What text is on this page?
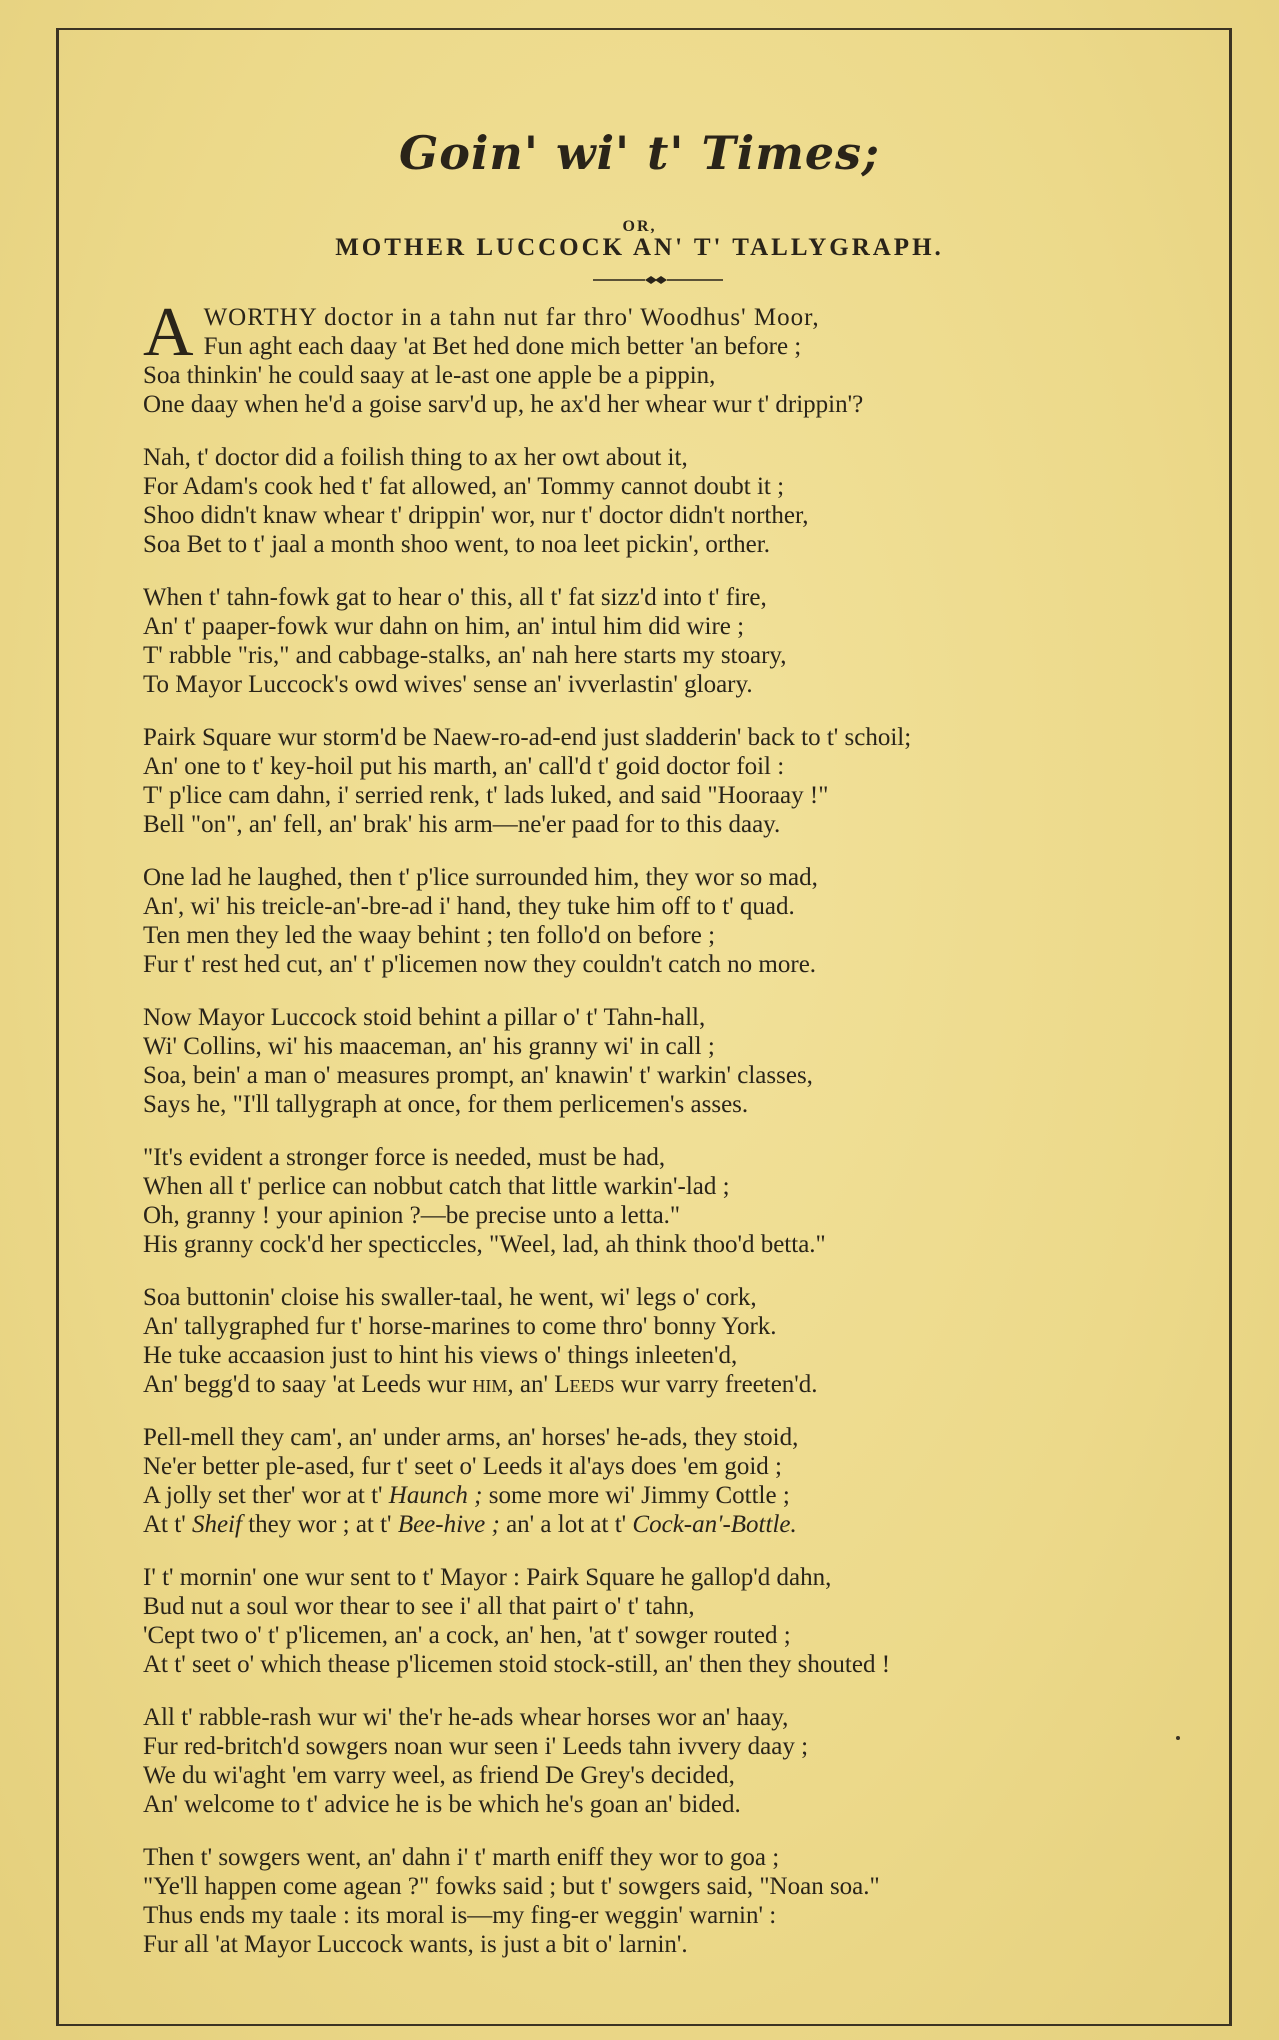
Goin' wi' t' Times;
OR,
MOTHER LUCCOCK AN' T' TALLYGRAPH.
A WORTHY doctor in a tahn nut far thro' Woodhus' Moor,
Fun aght each daay 'at Bet hed done mich better 'an before ;
Soa thinkin' he could saay at le-ast one apple be a pippin,
One daay when he'd a goise sarv'd up, he ax'd her whear wur t' drippin'?
Nah, t' doctor did a foilish thing to ax her owt about it,
For Adam's cook hed t' fat allowed, an' Tommy cannot doubt it ;
Shoo didn't knaw whear t' drippin' wor, nur t' doctor didn't norther,
Soa Bet to t' jaal a month shoo went, to noa leet pickin', orther.
When t' tahn-fowk gat to hear o' this, all t' fat sizz'd into t' fire,
An' t' paaper-fowk wur dahn on him, an' intul him did wire ;
T' rabble "ris," and cabbage-stalks, an' nah here starts my stoary,
To Mayor Luccock's owd wives' sense an' ivverlastin' gloary.
Pairk Square wur storm'd be Naew-ro-ad-end just sladderin' back to t' schoil;
An' one to t' key-hoil put his marth, an' call'd t' goid doctor foil :
T' p'lice cam dahn, i' serried renk, t' lads luked, and said "Hooraay !"
Bell "on", an' fell, an' brak' his arm—ne'er paad for to this daay.
One lad he laughed, then t' p'lice surrounded him, they wor so mad,
An', wi' his treicle-an'-bre-ad i' hand, they tuke him off to t' quad.
Ten men they led the waay behint ; ten follo'd on before ;
Fur t' rest hed cut, an' t' p'licemen now they couldn't catch no more.
Now Mayor Luccock stoid behint a pillar o' t' Tahn-hall,
Wi' Collins, wi' his maaceman, an' his granny wi' in call ;
Soa, bein' a man o' measures prompt, an' knawin' t' warkin' classes,
Says he, "I'll tallygraph at once, for them perlicemen's asses.
"It's evident a stronger force is needed, must be had,
When all t' perlice can nobbut catch that little warkin'-lad ;
Oh, granny ! your apinion ?—be precise unto a letta."
His granny cock'd her specticcles, "Weel, lad, ah think thoo'd betta."
Soa buttonin' cloise his swaller-taal, he went, wi' legs o' cork,
An' tallygraphed fur t' horse-marines to come thro' bonny York.
He tuke accaasion just to hint his views o' things inleeten'd,
An' begg'd to saay 'at Leeds wur him, an' Leeds wur varry freeten'd.
Pell-mell they cam', an' under arms, an' horses' he-ads, they stoid,
Ne'er better ple-ased, fur t' seet o' Leeds it al'ays does 'em goid ;
A jolly set ther' wor at t' Haunch ; some more wi' Jimmy Cottle ;
At t' Sheif they wor ; at t' Bee-hive ; an' a lot at t' Cock-an'-Bottle.
I' t' mornin' one wur sent to t' Mayor : Pairk Square he gallop'd dahn,
Bud nut a soul wor thear to see i' all that pairt o' t' tahn,
'Cept two o' t' p'licemen, an' a cock, an' hen, 'at t' sowger routed ;
At t' seet o' which thease p'licemen stoid stock-still, an' then they shouted !
All t' rabble-rash wur wi' the'r he-ads whear horses wor an' haay,
Fur red-britch'd sowgers noan wur seen i' Leeds tahn ivvery daay ;
We du wi'aght 'em varry weel, as friend De Grey's decided,
An' welcome to t' advice he is be which he's goan an' bided.
Then t' sowgers went, an' dahn i' t' marth eniff they wor to goa ;
"Ye'll happen come agean ?" fowks said ; but t' sowgers said, "Noan soa."
Thus ends my taale : its moral is—my fing-er weggin' warnin' :
Fur all 'at Mayor Luccock wants, is just a bit o' larnin'.
